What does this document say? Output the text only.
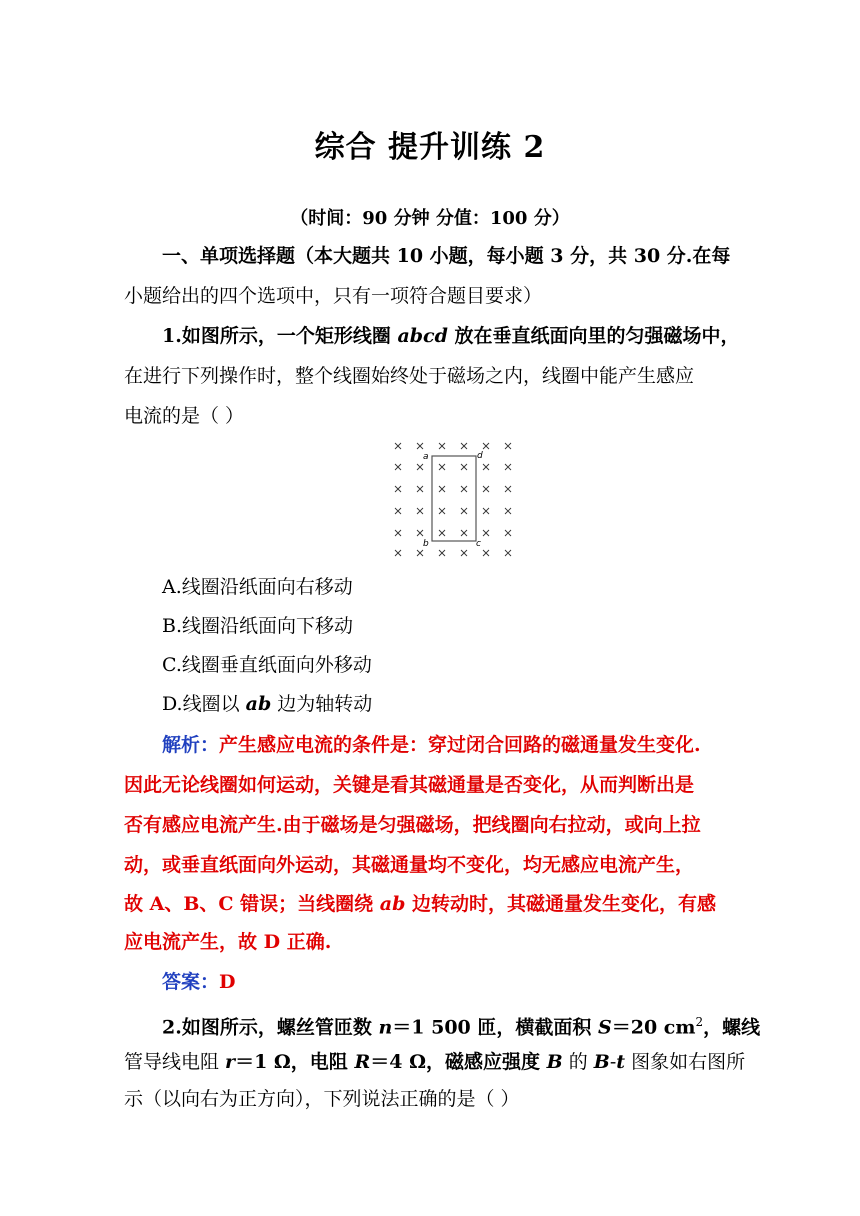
综合 提升训练 2
（时间：90 分钟 分值：100 分）
一、单项选择题（本大题共 10 小题，每小题 3 分，共 30 分.在每
小题给出的四个选项中，只有一项符合题目要求）
1.如图所示，一个矩形线圈 abcd 放在垂直纸面向里的匀强磁场中，
在进行下列操作时，整个线圈始终处于磁场之内，线圈中能产生感应
电流的是（ ）
a	d
b	c
A.线圈沿纸面向右移动
B.线圈沿纸面向下移动
C.线圈垂直纸面向外移动
D.线圈以 ab 边为轴转动
解析：产生感应电流的条件是：穿过闭合回路的磁通量发生变化.
因此无论线圈如何运动，关键是看其磁通量是否变化，从而判断出是
否有感应电流产生.由于磁场是匀强磁场，把线圈向右拉动，或向上拉
动，或垂直纸面向外运动，其磁通量均不变化，均无感应电流产生，
故 A、B、C 错误；当线圈绕 ab 边转动时，其磁通量发生变化，有感
应电流产生，故 D 正确.
答案：D
2.如图所示，螺丝管匝数 n＝1 500 匝，横截面积 S＝20 $cm^2$，螺线
管导线电阻 r＝1 Ω，电阻 R＝4 Ω，磁感应强度 B 的 B-t 图象如右图所
示（以向右为正方向），下列说法正确的是（ ）
